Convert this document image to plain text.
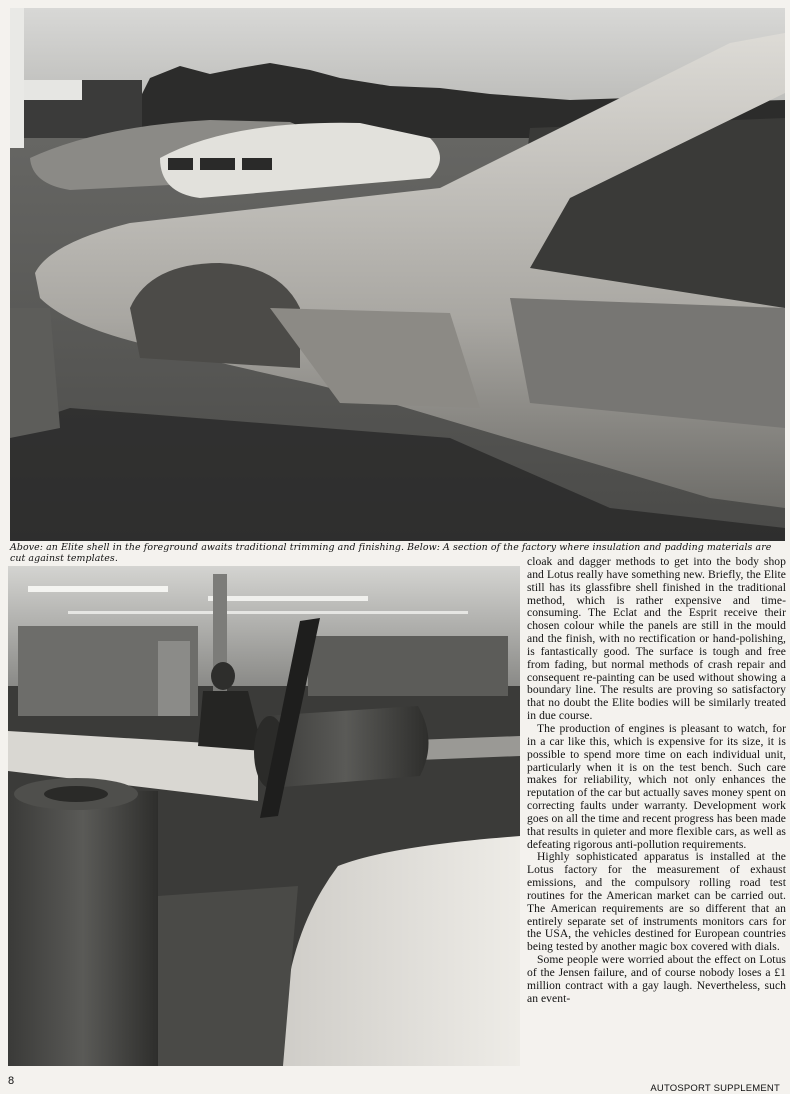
Above: an Elite shell in the foreground awaits traditional trimming and finishing. Below: A section of the factory where insulation and padding materials are cut against templates.	cloak and dagger methods to get into the body shop and Lotus really have something new. Briefly, the Elite still has its glassfibre shell finished in the traditional method, which is rather expensive and time-consuming. The Eclat and the Esprit receive their chosen colour while the panels are still in the mould and the finish, with no rectification or hand-polishing, is fantastically good. The surface is tough and free from fading, but normal methods of crash repair and consequent re-painting can be used without showing a boundary line. The results are proving so satisfactory that no doubt the Elite bodies will be similarly treated in due course.

The production of engines is pleasant to watch, for in a car like this, which is expensive for its size, it is possible to spend more time on each individual unit, particularly when it is on the test bench. Such care makes for reliability, which not only enhances the reputation of the car but actually saves money spent on correcting faults under warranty. Development work goes on all the time and recent progress has been made that results in quieter and more flexible cars, as well as defeating rigorous anti-pollution requirements.

Highly sophisticated apparatus is installed at the Lotus factory for the measurement of exhaust emissions, and the compulsory rolling road test routines for the American market can be carried out. The American requirements are so different that an entirely separate set of instruments monitors cars for the USA, the vehicles destined for European countries being tested by another magic box covered with dials.

Some people were worried about the effect on Lotus of the Jensen failure, and of course nobody loses a £1 million contract with a gay laugh. Nevertheless, such an event-

8
AUTOSPORT SUPPLEMENT
